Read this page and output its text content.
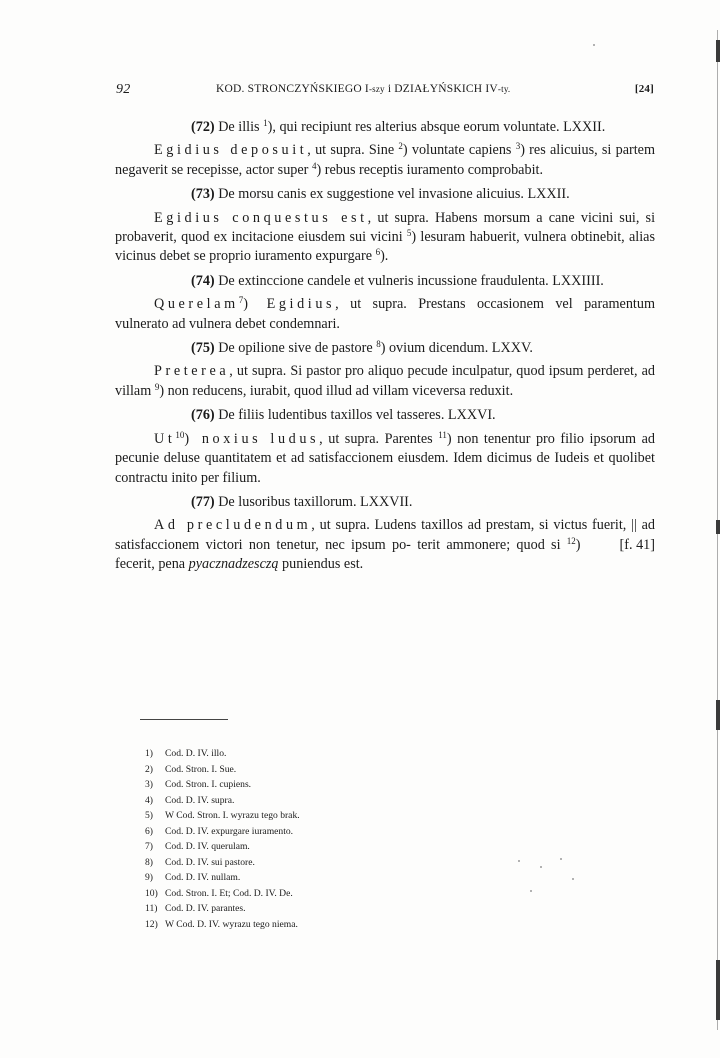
92	KOD. STRONCZYŃSKIEGO I-szy i DZIAŁYŃSKICH IV-ty.	[24]

(72) De illis $^1$), qui recipiunt res alterius absque eorum voluntate. LXXII.

Egidius deposuit, ut supra. Sine $^2$) voluntate capiens $^3$) res alicuius, si partem negaverit se recepisse, actor super $^4$) rebus receptis iuramento comprobabit.

(73) De morsu canis ex suggestione vel invasione alicuius. LXXII.

Egidius conquestus est, ut supra. Habens morsum a cane vicini sui, si probaverit, quod ex incitacione eiusdem sui vicini $^5$) lesuram habuerit, vulnera obtinebit, alias vicinus debet se proprio iuramento expurgare $^6$).

(74) De extinccione candele et vulneris incussione fraudulenta. LXXIIII.

Querelam$^7$) Egidius, ut supra. Prestans occasionem vel paramentum vulnerato ad vulnera debet condemnari.

(75) De opilione sive de pastore $^8$) ovium dicendum. LXXV.

Preterea, ut supra. Si pastor pro aliquo pecude inculpatur, quod ipsum perderet, ad villam $^9$) non reducens, iurabit, quod illud ad villam viceversa reduxit.

(76) De filiis ludentibus taxillos vel tasseres. LXXVI.

Ut$^{10}$) noxius ludus, ut supra. Parentes $^{11}$) non tenentur pro filio ipsorum ad pecunie deluse quantitatem et ad satisfaccionem eiusdem. Idem dicimus de Iudeis et quolibet contractu inito per filium.

(77) De lusoribus taxillorum. LXXVII.

Ad precludendum, ut supra. Ludens taxillos ad prestam, si victus fuerit, || ad satisfaccionem victori non tenetur, nec ipsum po-	[f. 41]
terit ammonere; quod si $^{12}$) fecerit, pena pyacznadzesczą puniendus est.

1) Cod. D. IV. illo.
2) Cod. Stron. I. Sue.
3) Cod. Stron. I. cupiens.
4) Cod. D. IV. supra.
5) W Cod. Stron. I. wyrazu tego brak.
6) Cod. D. IV. expurgare iuramento.
7) Cod. D. IV. querulam.
8) Cod. D. IV. sui pastore.
9) Cod. D. IV. nullam.
10) Cod. Stron. I. Et; Cod. D. IV. De.
11) Cod. D. IV. parantes.
12) W Cod. D. IV. wyrazu tego niema.
